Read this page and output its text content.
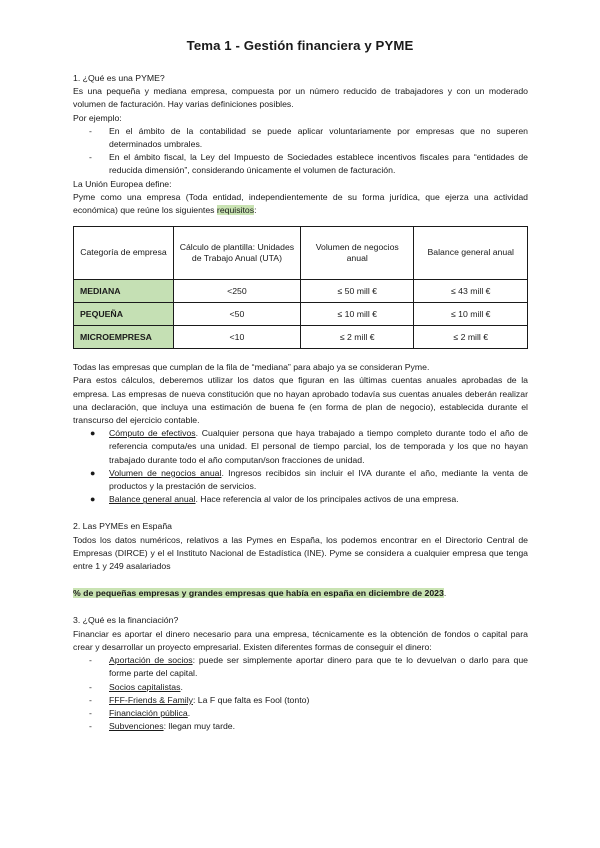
Tema 1 - Gestión financiera y PYME

1. ¿Qué es una PYME?

Es una pequeña y mediana empresa, compuesta por un número reducido de trabajadores y con un moderado volumen de facturación. Hay varias definiciones posibles.

Por ejemplo:

- En el ámbito de la contabilidad se puede aplicar voluntariamente por empresas que no superen determinados umbrales.
- En el ámbito fiscal, la Ley del Impuesto de Sociedades establece incentivos fiscales para “entidades de reducida dimensión”, considerando únicamente el volumen de facturación.

La Unión Europea define:

Pyme como una empresa (Toda entidad, independientemente de su forma jurídica, que ejerza una actividad económica) que reúne los siguientes requisitos:

Categoría de empresa	Cálculo de plantilla: Unidades de Trabajo Anual (UTA)	Volumen de negocios anual	Balance general anual
MEDIANA	<250	≤ 50 mill €	≤ 43 mill €
PEQUEÑA	<50	≤ 10 mill €	≤ 10 mill €
MICROEMPRESA	<10	≤ 2 mill €	≤ 2 mill €

Todas las empresas que cumplan de la fila de “mediana” para abajo ya se consideran Pyme.

Para estos cálculos, deberemos utilizar los datos que figuran en las últimas cuentas anuales aprobadas de la empresa. Las empresas de nueva constitución que no hayan aprobado todavía sus cuentas anuales deberán realizar una declaración, que incluya una estimación de buena fe (en forma de plan de negocio), establecida durante el transcurso del ejercicio contable.

● Cómputo de efectivos. Cualquier persona que haya trabajado a tiempo completo durante todo el año de referencia computa/es una unidad. El personal de tiempo parcial, los de temporada y los que no hayan trabajado durante todo el año computan/son fracciones de unidad.
● Volumen de negocios anual. Ingresos recibidos sin incluir el IVA durante el año, mediante la venta de productos y la prestación de servicios.
● Balance general anual. Hace referencia al valor de los principales activos de una empresa.

2. Las PYMEs en España

Todos los datos numéricos, relativos a las Pymes en España, los podemos encontrar en el Directorio Central de Empresas (DIRCE) y el el Instituto Nacional de Estadística (INE). Pyme se considera a cualquier empresa que tenga entre 1 y 249 asalariados

% de pequeñas empresas y grandes empresas que había en españa en diciembre de 2023.

3. ¿Qué es la financiación?

Financiar es aportar el dinero necesario para una empresa, técnicamente es la obtención de fondos o capital para crear y desarrollar un proyecto empresarial. Existen diferentes formas de conseguir el dinero:

- Aportación de socios: puede ser simplemente aportar dinero para que te lo devuelvan o darlo para que forme parte del capital.
- Socios capitalistas.
- FFF-Friends & Family: La F que falta es Fool (tonto)
- Financiación pública.
- Subvenciones: llegan muy tarde.
